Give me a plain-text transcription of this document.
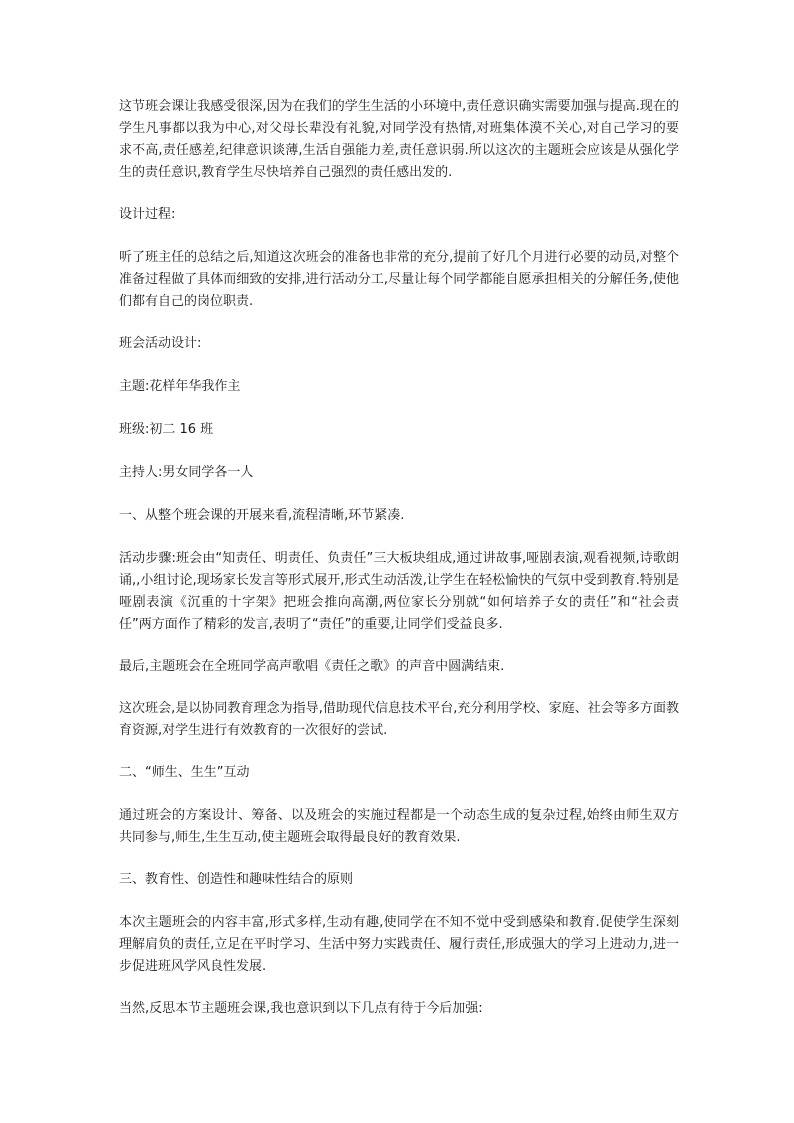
这节班会课让我感受很深,因为在我们的学生生活的小环境中,责任意识确实需要加强与提高.现在的学生凡事都以我为中心,对父母长辈没有礼貌,对同学没有热情,对班集体漠不关心,对自己学习的要求不高,责任感差,纪律意识谈薄,生活自强能力差,责任意识弱.所以这次的主题班会应该是从强化学生的责任意识,教育学生尽快培养自己强烈的责任感出发的.

设计过程:

听了班主任的总结之后,知道这次班会的准备也非常的充分,提前了好几个月进行必要的动员,对整个准备过程做了具体而细致的安排,进行活动分工,尽量让每个同学都能自愿承担相关的分解任务,使他们都有自己的岗位职责.

班会活动设计:

主题:花样年华我作主

班级:初二 16 班

主持人:男女同学各一人

一、从整个班会课的开展来看,流程清晰,环节紧凑.

活动步骤:班会由“知责任、明责任、负责任”三大板块组成,通过讲故事,哑剧表演,观看视频,诗歌朗诵,,小组讨论,现场家长发言等形式展开,形式生动活泼,让学生在轻松愉快的气氛中受到教育.特别是哑剧表演《沉重的十字架》把班会推向高潮,两位家长分别就“如何培养子女的责任”和“社会责任”两方面作了精彩的发言,表明了“责任”的重要,让同学们受益良多.

最后,主题班会在全班同学高声歌唱《责任之歌》的声音中圆满结束.

这次班会,是以协同教育理念为指导,借助现代信息技术平台,充分利用学校、家庭、社会等多方面教育资源,对学生进行有效教育的一次很好的尝试.

二、“师生、生生”互动

通过班会的方案设计、筹备、以及班会的实施过程都是一个动态生成的复杂过程,始终由师生双方共同参与,师生,生生互动,使主题班会取得最良好的教育效果.

三、教育性、创造性和趣味性结合的原则

本次主题班会的内容丰富,形式多样,生动有趣,使同学在不知不觉中受到感染和教育.促使学生深刻理解肩负的责任,立足在平时学习、生活中努力实践责任、履行责任,形成强大的学习上进动力,进一步促进班风学风良性发展.

当然,反思本节主题班会课,我也意识到以下几点有待于今后加强:
